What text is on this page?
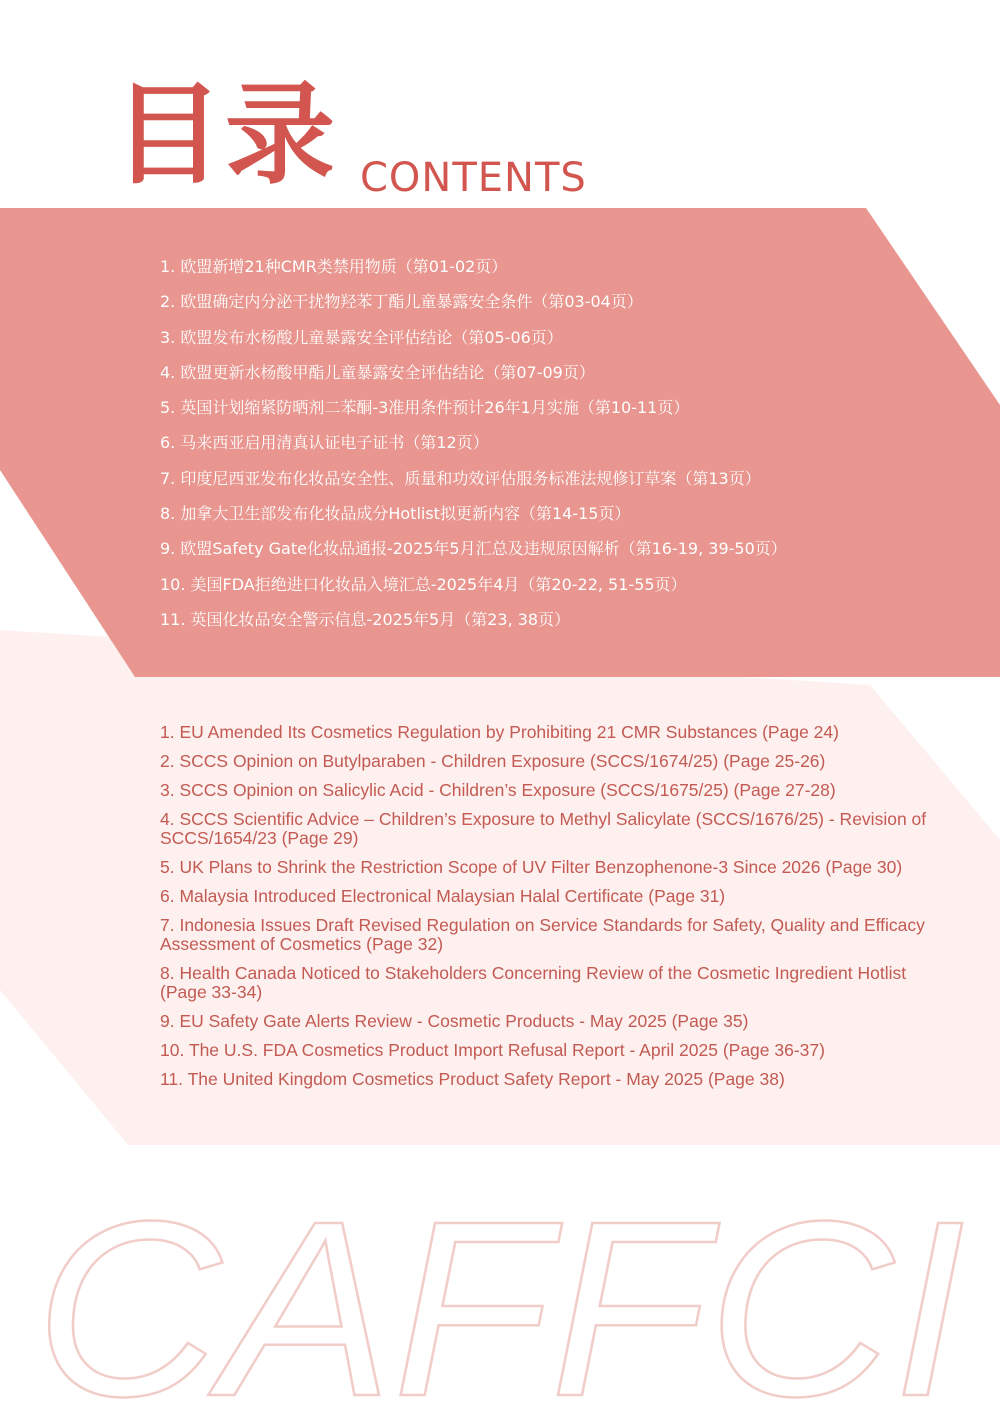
目录 CONTENTS
1. 欧盟新增21种CMR类禁用物质（第01-02页）
2. 欧盟确定内分泌干扰物羟苯丁酯儿童暴露安全条件（第03-04页）
3. 欧盟发布水杨酸儿童暴露安全评估结论（第05-06页）
4. 欧盟更新水杨酸甲酯儿童暴露安全评估结论（第07-09页）
5. 英国计划缩紧防晒剂二苯酮-3准用条件预计26年1月实施（第10-11页）
6. 马来西亚启用清真认证电子证书（第12页）
7. 印度尼西亚发布化妆品安全性、质量和功效评估服务标准法规修订草案（第13页）
8. 加拿大卫生部发布化妆品成分Hotlist拟更新内容（第14-15页）
9. 欧盟Safety Gate化妆品通报-2025年5月汇总及违规原因解析（第16-19, 39-50页）
10. 美国FDA拒绝进口化妆品入境汇总-2025年4月（第20-22, 51-55页）
11. 英国化妆品安全警示信息-2025年5月（第23, 38页）
1. EU Amended Its Cosmetics Regulation by Prohibiting 21 CMR Substances (Page 24)
2. SCCS Opinion on Butylparaben - Children Exposure (SCCS/1674/25) (Page 25-26)
3. SCCS Opinion on Salicylic Acid - Children’s Exposure (SCCS/1675/25) (Page 27-28)
4. SCCS Scientific Advice – Children’s Exposure to Methyl Salicylate (SCCS/1676/25) - Revision of SCCS/1654/23 (Page 29)
5. UK Plans to Shrink the Restriction Scope of UV Filter Benzophenone-3 Since 2026 (Page 30)
6. Malaysia Introduced Electronical Malaysian Halal Certificate (Page 31)
7. Indonesia Issues Draft Revised Regulation on Service Standards for Safety, Quality and Efficacy Assessment of Cosmetics (Page 32)
8. Health Canada Noticed to Stakeholders Concerning Review of the Cosmetic Ingredient Hotlist (Page 33-34)
9. EU Safety Gate Alerts Review - Cosmetic Products - May 2025 (Page 35)
10. The U.S. FDA Cosmetics Product Import Refusal Report - April 2025 (Page 36-37)
11. The United Kingdom Cosmetics Product Safety Report - May 2025 (Page 38)
CAFFCI
